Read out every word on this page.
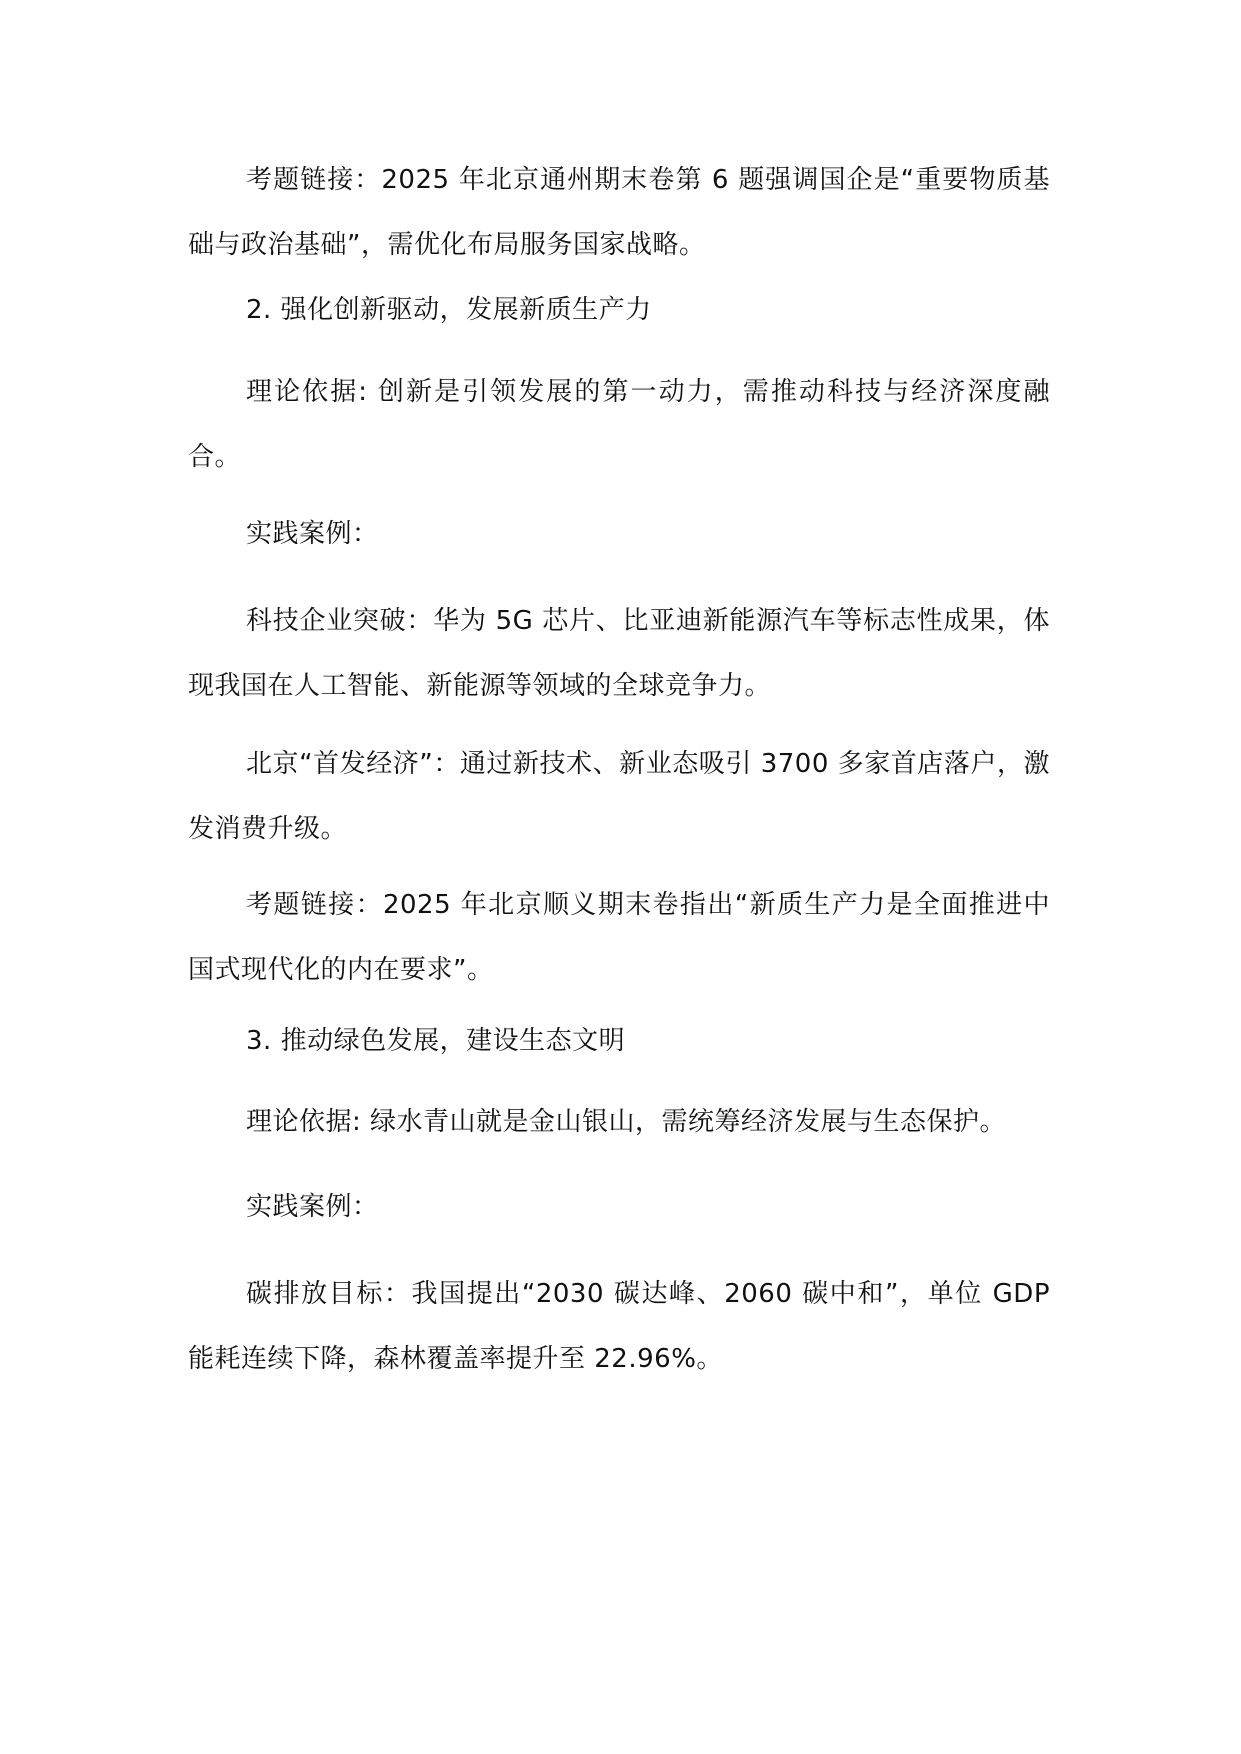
考题链接：2025 年北京通州期末卷第 6 题强调国企是“重要物质基础与政治基础”，需优化布局服务国家战略。

2. 强化创新驱动，发展新质生产力

理论依据: 创新是引领发展的第一动力，需推动科技与经济深度融合。

实践案例：

科技企业突破：华为 5G 芯片、比亚迪新能源汽车等标志性成果，体现我国在人工智能、新能源等领域的全球竞争力。

北京“首发经济”：通过新技术、新业态吸引 3700 多家首店落户，激发消费升级。

考题链接：2025 年北京顺义期末卷指出“新质生产力是全面推进中国式现代化的内在要求”。

3. 推动绿色发展，建设生态文明

理论依据: 绿水青山就是金山银山，需统筹经济发展与生态保护。

实践案例：

碳排放目标：我国提出“2030 碳达峰、2060 碳中和”，单位 GDP 能耗连续下降，森林覆盖率提升至 22.96%。
